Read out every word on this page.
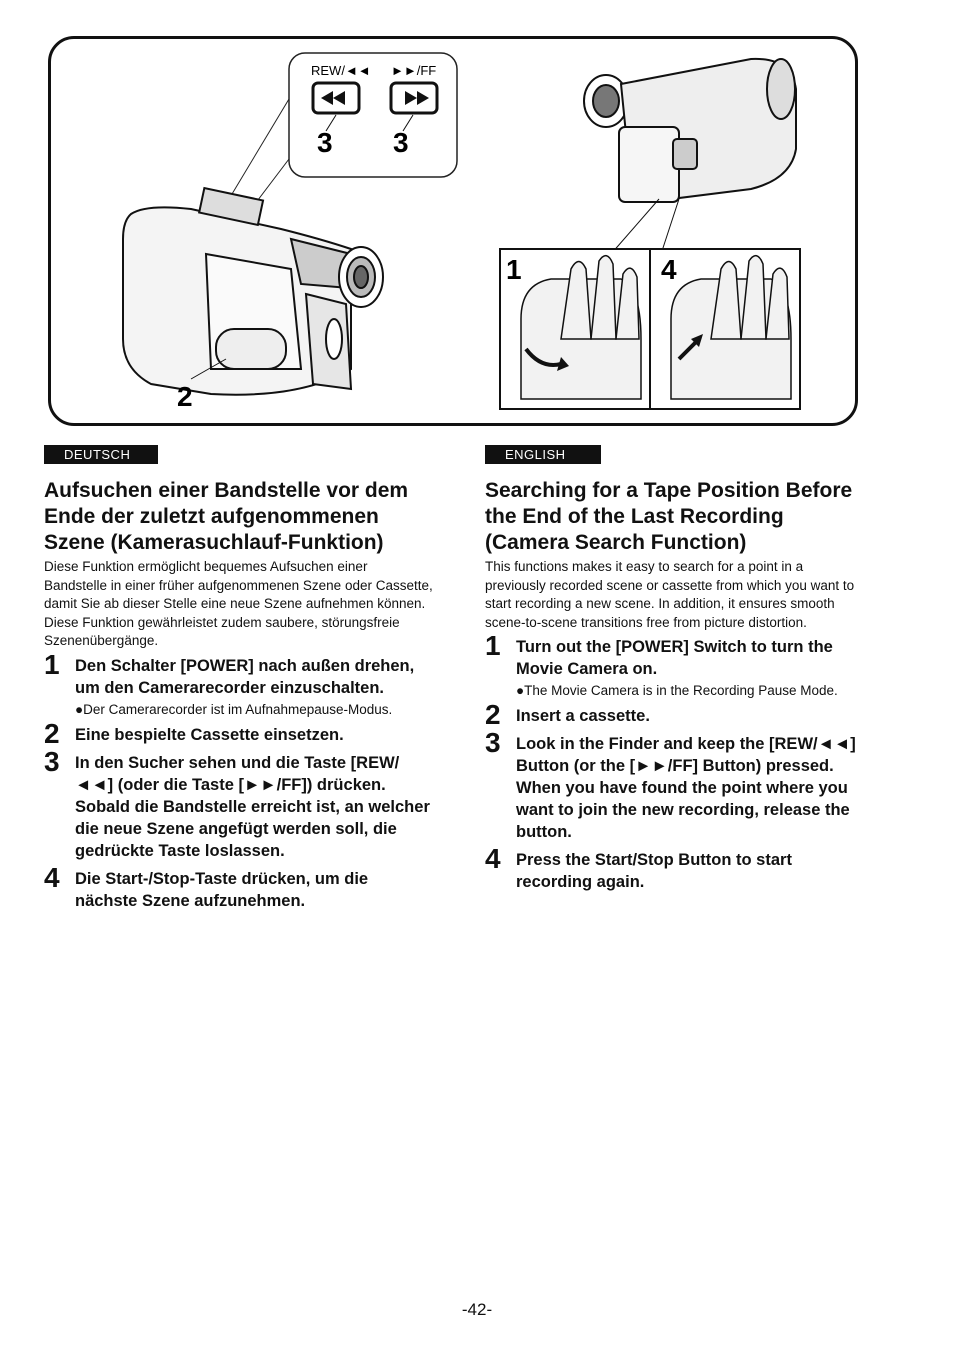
REW/◄◄ ►►/FF
3 3
2
1	4
DEUTSCH
Aufsuchen einer Bandstelle vor dem Ende der zuletzt aufgenommenen Szene (Kamerasuchlauf-Funktion)

Diese Funktion ermöglicht bequemes Aufsuchen einer Bandstelle in einer früher aufgenommenen Szene oder Cassette, damit Sie ab dieser Stelle eine neue Szene aufnehmen können. Diese Funktion gewährleistet zudem saubere, störungsfreie Szenenübergänge.

1 Den Schalter [POWER] nach außen drehen, um den Camerarecorder einzuschalten.

●Der Camerarecorder ist im Aufnahmepause-Modus.

2 Eine bespielte Cassette einsetzen.
3 In den Sucher sehen und die Taste [REW/◄◄] (oder die Taste [►►/FF]) drücken. Sobald die Bandstelle erreicht ist, an welcher die neue Szene angefügt werden soll, die gedrückte Taste loslassen.
4 Die Start-/Stop-Taste drücken, um die nächste Szene aufzunehmen.
ENGLISH
Searching for a Tape Position Before the End of the Last Recording (Camera Search Function)

This functions makes it easy to search for a point in a previously recorded scene or cassette from which you want to start recording a new scene. In addition, it ensures smooth scene-to-scene transitions free from picture distortion.

1 Turn out the [POWER] Switch to turn the Movie Camera on.

●The Movie Camera is in the Recording Pause Mode.

2 Insert a cassette.
3 Look in the Finder and keep the [REW/◄◄] Button (or the [►►/FF] Button) pressed. When you have found the point where you want to join the new recording, release the button.
4 Press the Start/Stop Button to start recording again.
-42-
